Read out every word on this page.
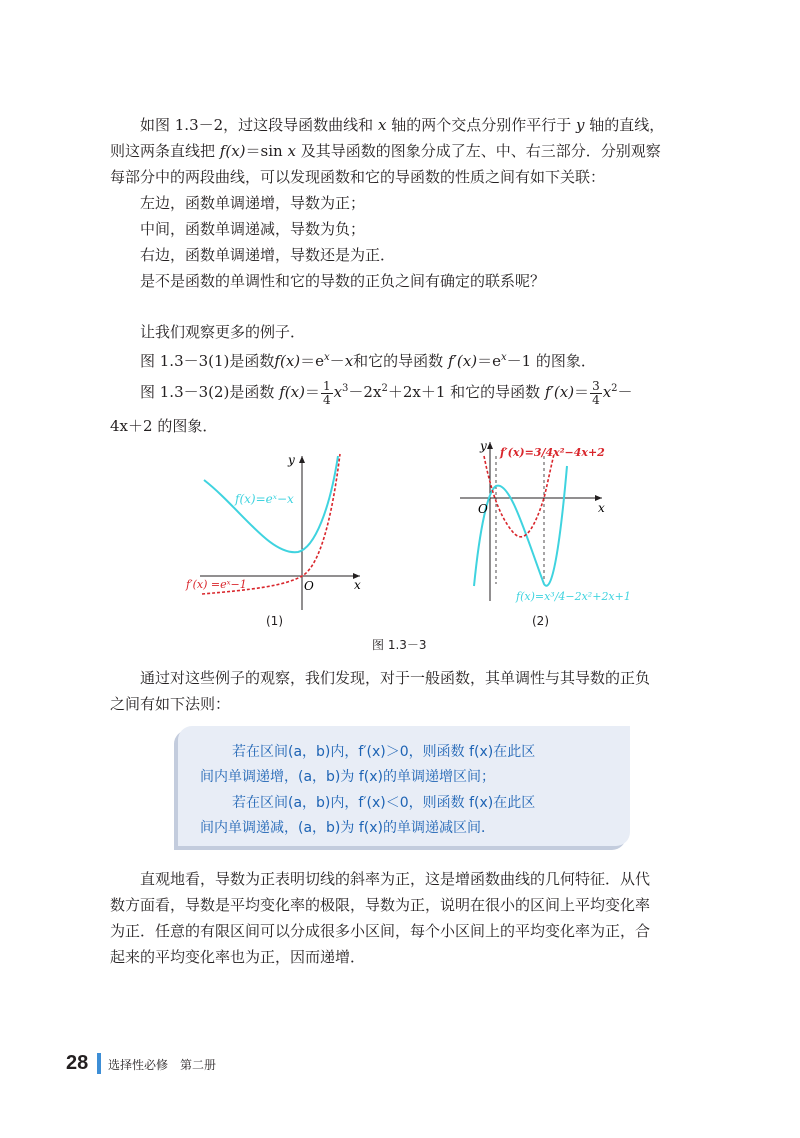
如图 1.3－2，过这段导函数曲线和 x 轴的两个交点分别作平行于 y 轴的直线，
则这两条直线把 f(x)＝sin x 及其导函数的图象分成了左、中、右三部分．分别观察
每部分中的两段曲线，可以发现函数和它的导函数的性质之间有如下关联：
左边，函数单调递增，导数为正；
中间，函数单调递减，导数为负；
右边，函数单调递增，导数还是为正．
是不是函数的单调性和它的导数的正负之间有确定的联系呢？
让我们观察更多的例子．
图 1.3－3(1)是函数$f(x)=e^x-x$和它的导函数 $f'(x)=e^x-1$ 的图象．
图 1.3－3(2)是函数 $f(x)= \frac{1}{4} x^3-2x^2+2x+1$ 和它的导函数 $f'(x)= \frac{3}{4} x^2-$
4x＋2 的图象．
y
x
O
f(x)=eˣ−x
f′(x) =eˣ−1
y
x
O
f′(x)=3/4x²−4x+2
f(x)=x³/4−2x²+2x+1
(1)	(2)
图 1.3－3
通过对这些例子的观察，我们发现，对于一般函数，其单调性与其导数的正负
之间有如下法则：
若在区间(a，b)内，f′(x)＞0，则函数 f(x)在此区
间内单调递增，(a，b)为 f(x)的单调递增区间；
若在区间(a，b)内，f′(x)＜0，则函数 f(x)在此区
间内单调递减，(a，b)为 f(x)的单调递减区间．
直观地看，导数为正表明切线的斜率为正，这是增函数曲线的几何特征．从代
数方面看，导数是平均变化率的极限，导数为正，说明在很小的区间上平均变化率
为正．任意的有限区间可以分成很多小区间，每个小区间上的平均变化率为正，合
起来的平均变化率也为正，因而递增．
28 选择性必修　第二册
